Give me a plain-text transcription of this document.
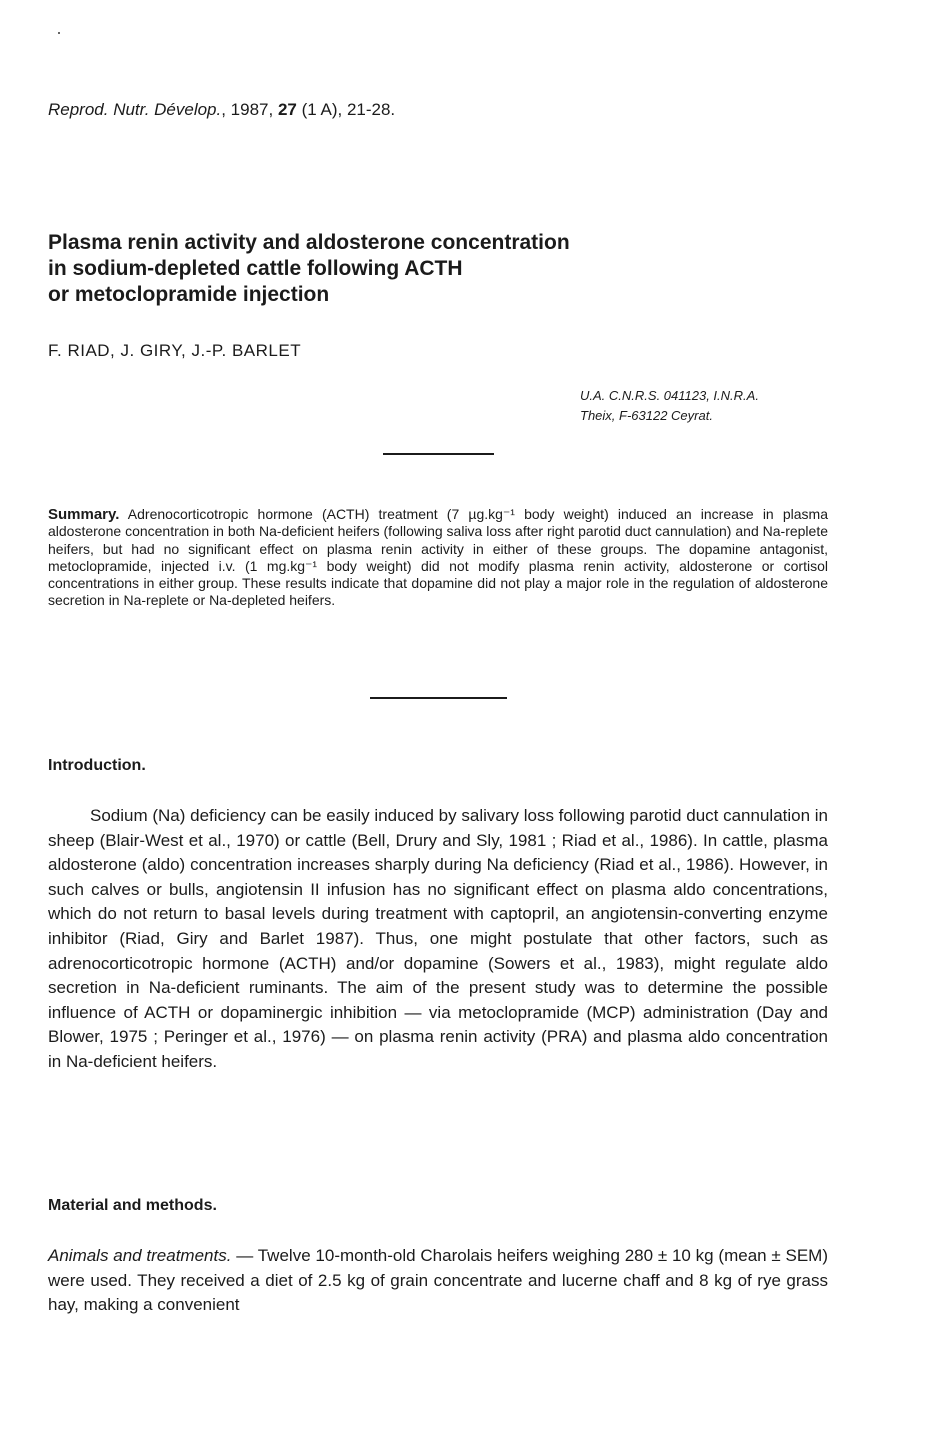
Reprod. Nutr. Dévelop., 1987, 27 (1 A), 21-28.
Plasma renin activity and aldosterone concentration
in sodium-depleted cattle following ACTH
or metoclopramide injection
F. RIAD, J. GIRY, J.-P. BARLET
U.A. C.N.R.S. 041123, I.N.R.A.
Theix, F-63122 Ceyrat.
Summary. Adrenocorticotropic hormone (ACTH) treatment (7 µg.kg⁻¹ body weight) induced an increase in plasma aldosterone concentration in both Na-deficient heifers (following saliva loss after right parotid duct cannulation) and Na-replete heifers, but had no significant effect on plasma renin activity in either of these groups. The dopamine antagonist, metoclopramide, injected i.v. (1 mg.kg⁻¹ body weight) did not modify plasma renin activity, aldosterone or cortisol concentrations in either group. These results indicate that dopamine did not play a major role in the regulation of aldosterone secretion in Na-replete or Na-depleted heifers.
Introduction.
Sodium (Na) deficiency can be easily induced by salivary loss following parotid duct cannulation in sheep (Blair-West et al., 1970) or cattle (Bell, Drury and Sly, 1981 ; Riad et al., 1986). In cattle, plasma aldosterone (aldo) concentration increases sharply during Na deficiency (Riad et al., 1986). However, in such calves or bulls, angiotensin II infusion has no significant effect on plasma aldo concentrations, which do not return to basal levels during treatment with captopril, an angiotensin-converting enzyme inhibitor (Riad, Giry and Barlet 1987). Thus, one might postulate that other factors, such as adrenocorticotropic hormone (ACTH) and/or dopamine (Sowers et al., 1983), might regulate aldo secretion in Na-deficient ruminants. The aim of the present study was to determine the possible influence of ACTH or dopaminergic inhibition — via metoclopramide (MCP) administration (Day and Blower, 1975 ; Peringer et al., 1976) — on plasma renin activity (PRA) and plasma aldo concentration in Na-deficient heifers.
Material and methods.
Animals and treatments. — Twelve 10-month-old Charolais heifers weighing 280 ± 10 kg (mean ± SEM) were used. They received a diet of 2.5 kg of grain concentrate and lucerne chaff and 8 kg of rye grass hay, making a convenient
